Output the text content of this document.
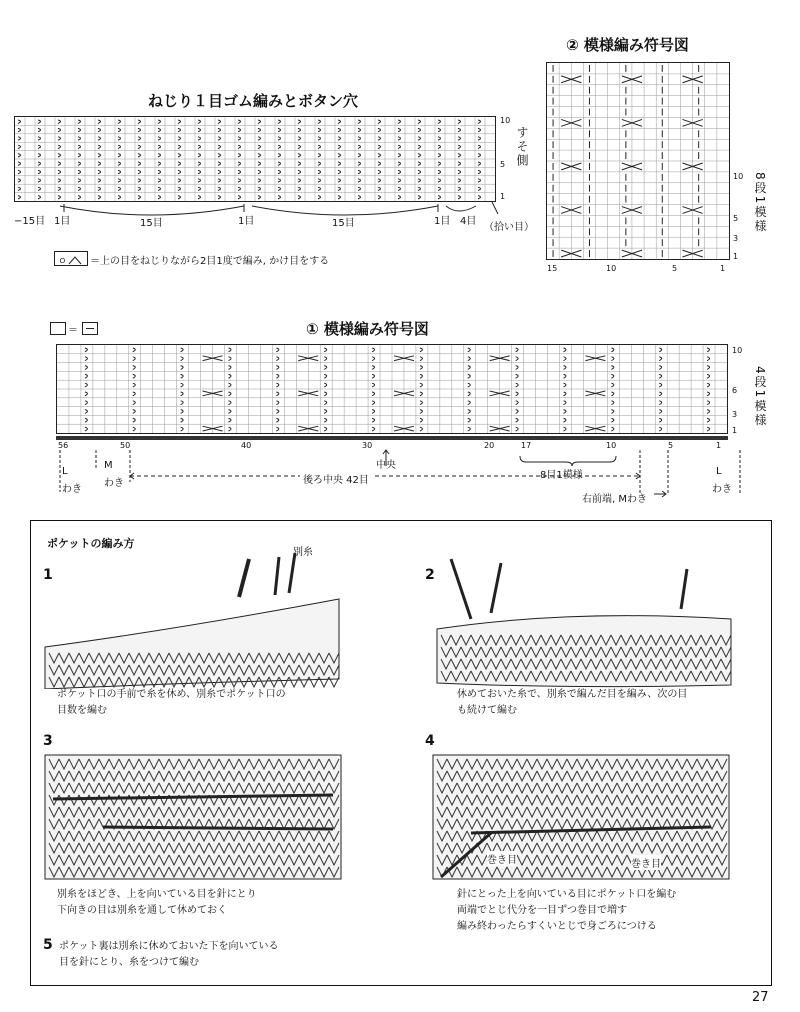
② 模様編み符号図
10
5
3
1
8段1模様
15	10	5	1
ねじり１目ゴム編みとボタン穴
10
5
1
すそ側
−15目 1目	15目	1目	15目	1目 4目
（拾い目）
ㅇ ＝上の目をねじりながら2目1度で編み, かけ目をする
＝	① 模様編み符号図
10
6
3
1
4段1模様
56	50	40	30	20	17	10	5	1
L
わき
M
わき
中央
後ろ中央 42目	8目1模様
右前端, Mわき
L
わき
ポケットの編み方
1
別糸
ポケット口の手前で糸を休め、別糸でポケット口の
目数を編む
2
休めておいた糸で、別糸で編んだ目を編み、次の目
も続けて編む
3
別糸をほどき、上を向いている目を針にとり
下向きの目は別糸を通して休めておく
4
巻き目	巻き目
針にとった上を向いている目にポケット口を編む
両端でとじ代分を一目ずつ巻目で増す
編み終わったらすくいとじで身ごろにつける
5 ポケット裏は別糸に休めておいた下を向いている
目を針にとり、糸をつけて編む
27
